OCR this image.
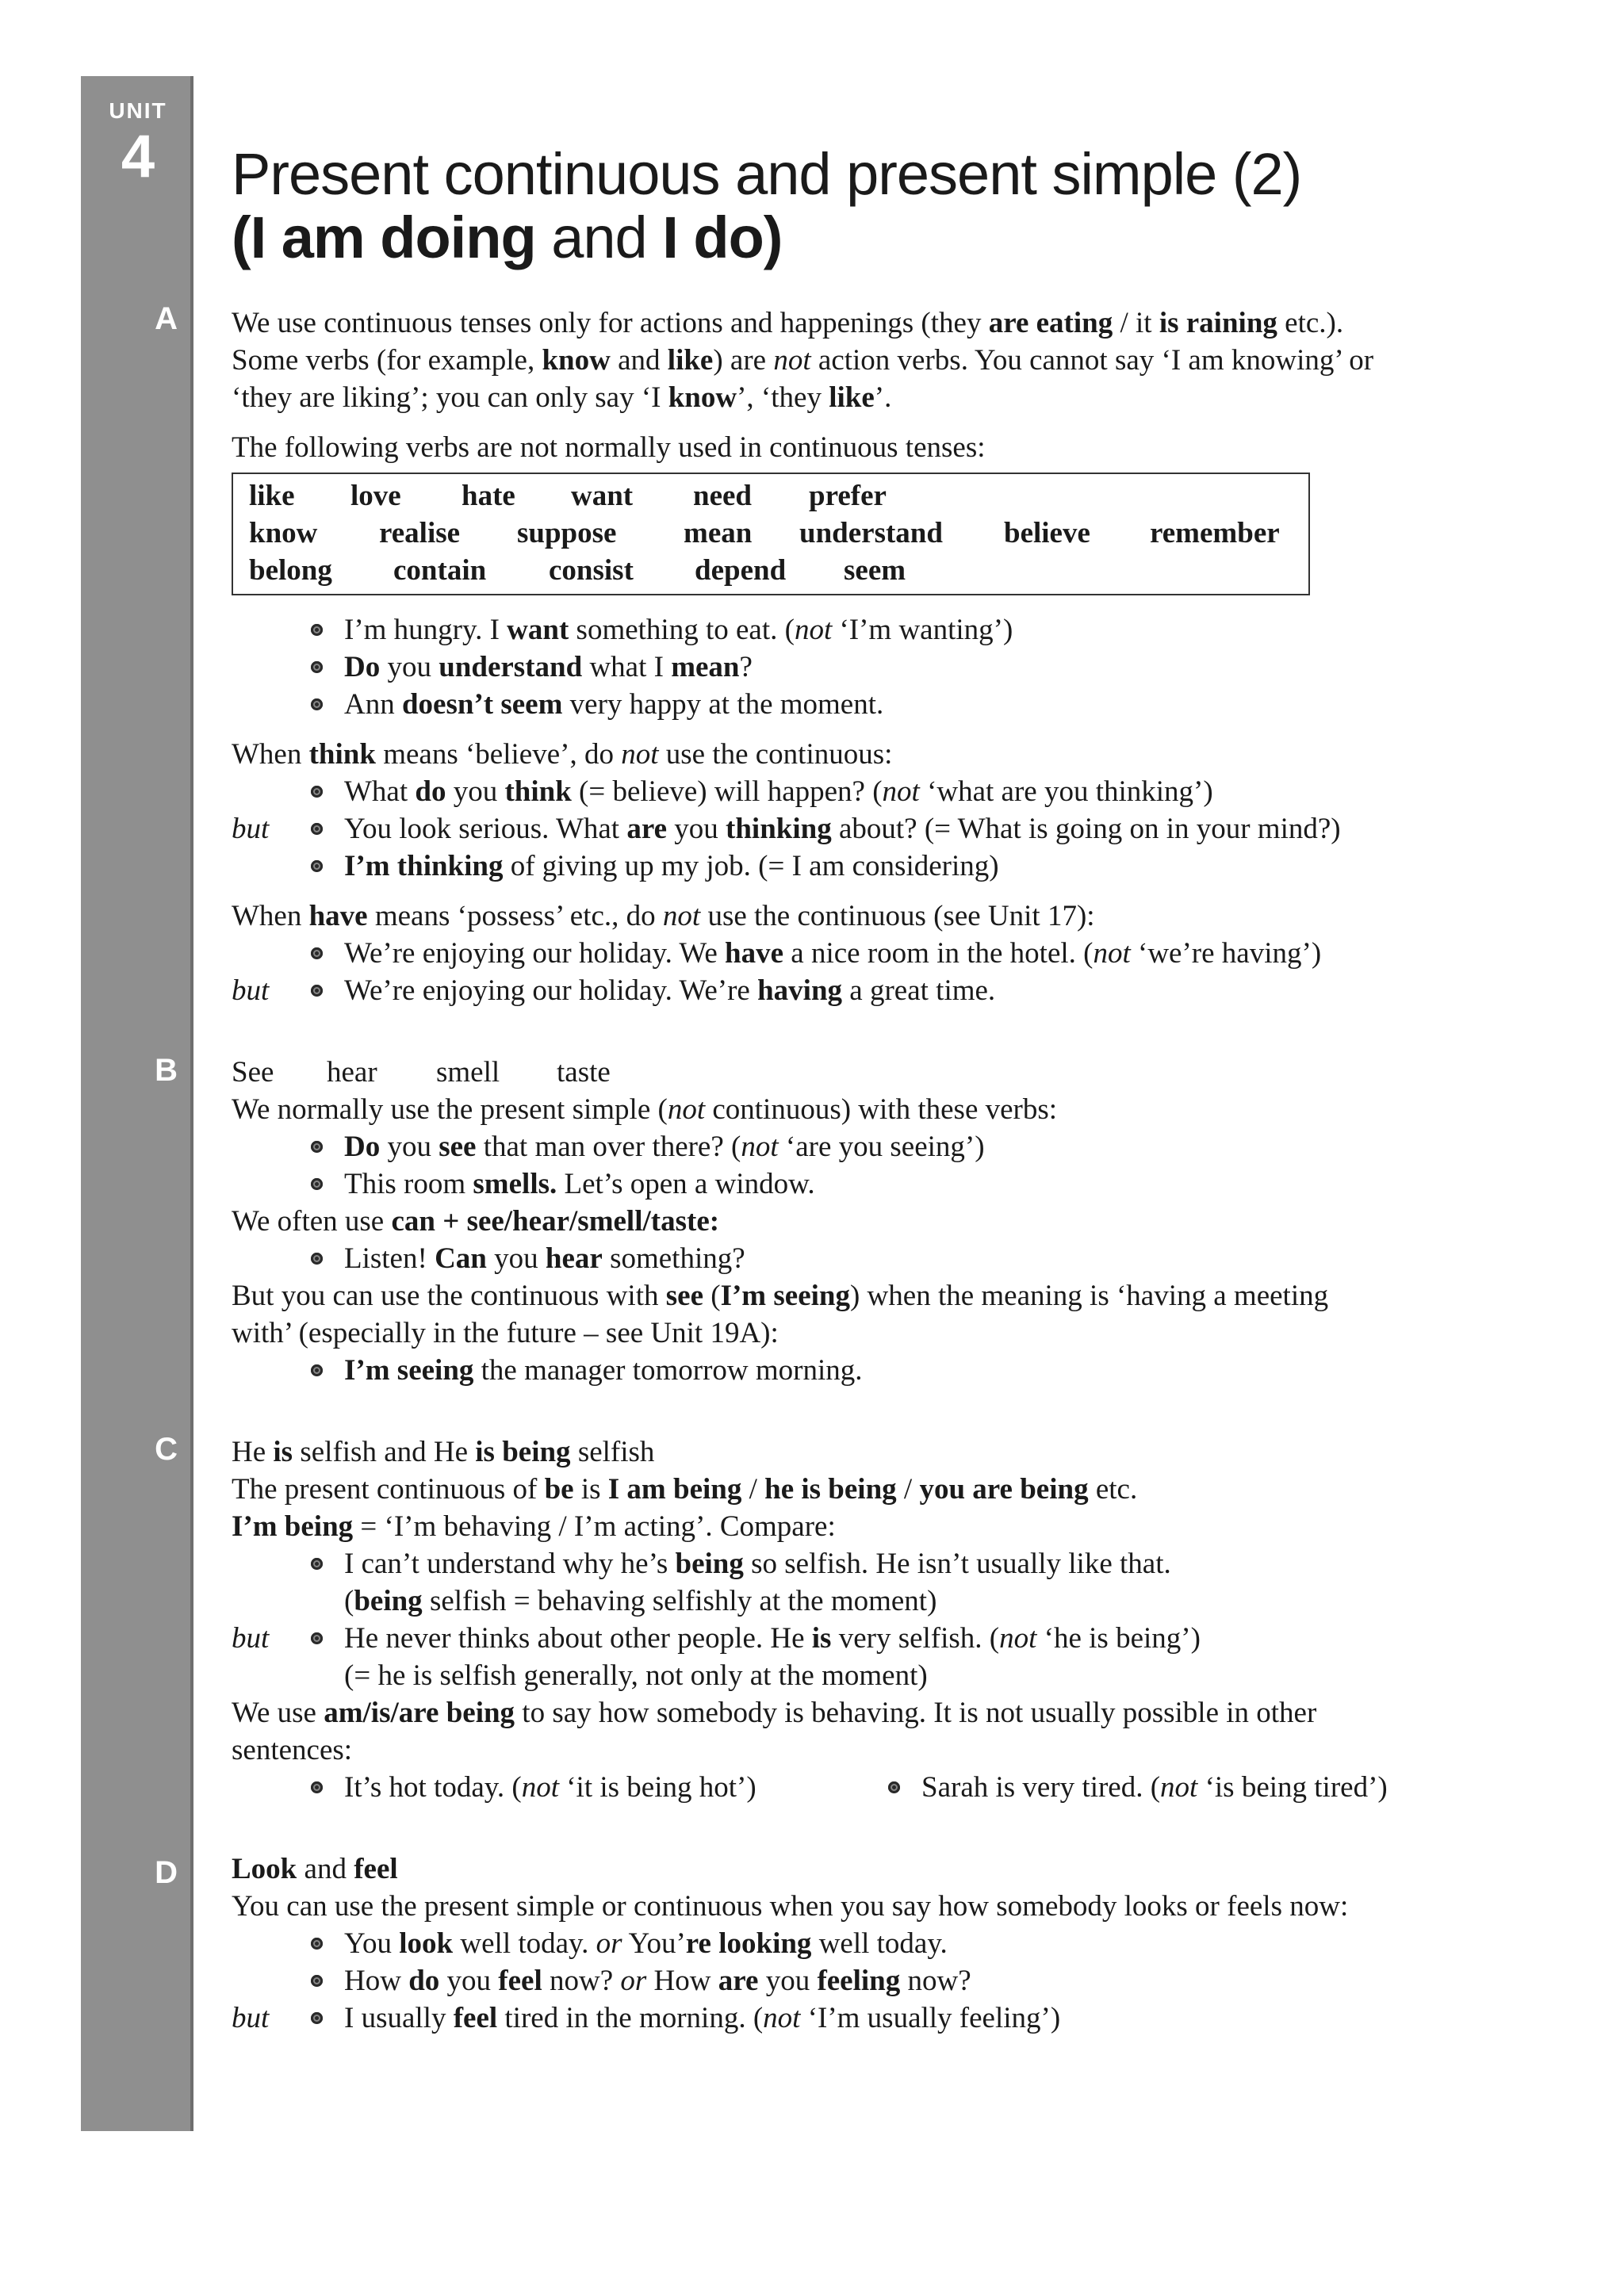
UNIT
4
A
B
C
D
Present continuous and present simple (2)
(I am doing and I do)

We use continuous tenses only for actions and happenings (they are eating / it is raining etc.).

Some verbs (for example, know and like) are not action verbs. You cannot say ‘I am knowing’ or

‘they are liking’; you can only say ‘I know’, ‘they like’.

The following verbs are not normally used in continuous tenses:

like love hate want need prefer
know realise suppose mean understand believe remember
belong contain consist depend seem
I’m hungry. I want something to eat. (not ‘I’m wanting’)
Do you understand what I mean?
Ann doesn’t seem very happy at the moment.

When think means ‘believe’, do not use the continuous:

What do you think (= believe) will happen? (not ‘what are you thinking’)
but	You look serious. What are you thinking about? (= What is going on in your mind?)
I’m thinking of giving up my job. (= I am considering)

When have means ‘possess’ etc., do not use the continuous (see Unit 17):

We’re enjoying our holiday. We have a nice room in the hotel. (not ‘we’re having’)
but	We’re enjoying our holiday. We’re having a great time.

See hear smell taste

We normally use the present simple (not continuous) with these verbs:

Do you see that man over there? (not ‘are you seeing’)
This room smells. Let’s open a window.

We often use can + see/hear/smell/taste:

Listen! Can you hear something?

But you can use the continuous with see (I’m seeing) when the meaning is ‘having a meeting

with’ (especially in the future – see Unit 19A):

I’m seeing the manager tomorrow morning.

He is selfish and He is being selfish

The present continuous of be is I am being / he is being / you are being etc.

I’m being = ‘I’m behaving / I’m acting’. Compare:

I can’t understand why he’s being so selfish. He isn’t usually like that.
(being selfish = behaving selfishly at the moment)
but	He never thinks about other people. He is very selfish. (not ‘he is being’)
(= he is selfish generally, not only at the moment)

We use am/is/are being to say how somebody is behaving. It is not usually possible in other

sentences:

It’s hot today. (not ‘it is being hot’)	Sarah is very tired. (not ‘is being tired’)

Look and feel

You can use the present simple or continuous when you say how somebody looks or feels now:

You look well today. or You’re looking well today.
How do you feel now? or How are you feeling now?
but	I usually feel tired in the morning. (not ‘I’m usually feeling’)
